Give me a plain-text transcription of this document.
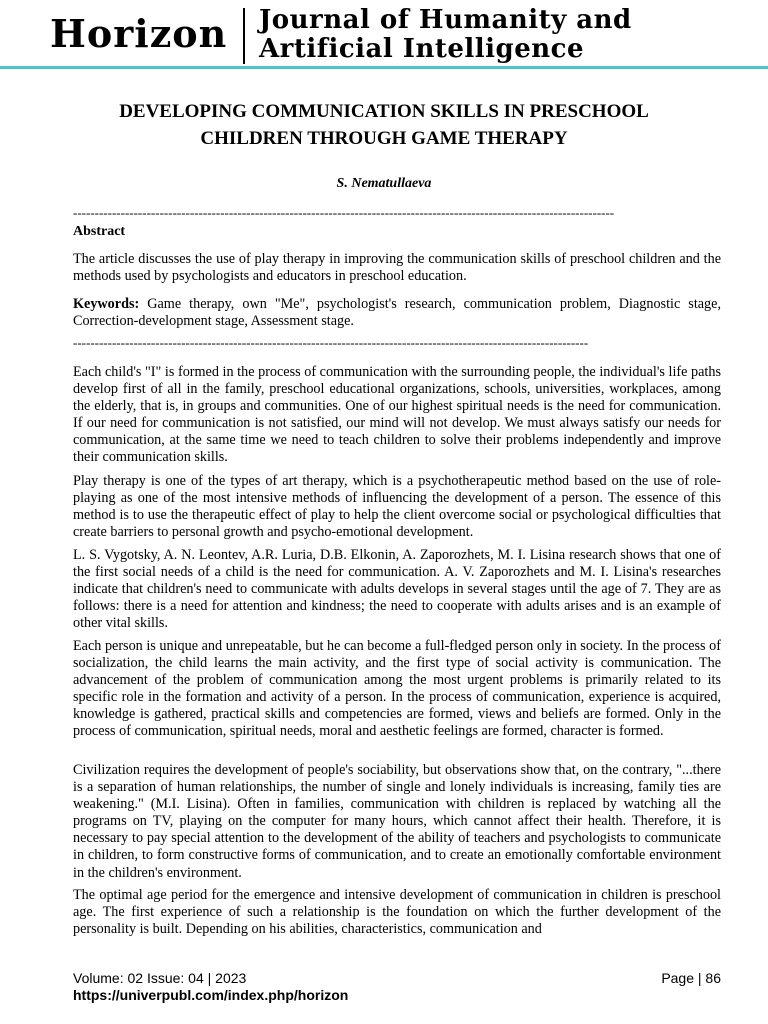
Horizon Journal of Humanity and
Artificial Intelligence
DEVELOPING COMMUNICATION SKILLS IN PRESCHOOL
CHILDREN THROUGH GAME THERAPY
S. Nematullaeva
-----------------------------------------------------------------------------------------------------------------------------
Abstract

The article discusses the use of play therapy in improving the communication skills of preschool children and the methods used by psychologists and educators in preschool education.

Keywords: Game therapy, own "Me", psychologist's research, communication problem, Diagnostic stage, Correction-development stage, Assessment stage.

-----------------------------------------------------------------------------------------------------------------------

Each child's "I" is formed in the process of communication with the surrounding people, the individual's life paths develop first of all in the family, preschool educational organizations, schools, universities, workplaces, among the elderly, that is, in groups and communities. One of our highest spiritual needs is the need for communication. If our need for communication is not satisfied, our mind will not develop. We must always satisfy our needs for communication, at the same time we need to teach children to solve their problems independently and improve their communication skills.

Play therapy is one of the types of art therapy, which is a psychotherapeutic method based on the use of role-playing as one of the most intensive methods of influencing the development of a person. The essence of this method is to use the therapeutic effect of play to help the client overcome social or psychological difficulties that create barriers to personal growth and psycho-emotional development.

L. S. Vygotsky, A. N. Leontev, A.R. Luria, D.B. Elkonin, A. Zaporozhets, M. I. Lisina research shows that one of the first social needs of a child is the need for communication. A. V. Zaporozhets and M. I. Lisina's researches indicate that children's need to communicate with adults develops in several stages until the age of 7. They are as follows: there is a need for attention and kindness; the need to cooperate with adults arises and is an example of other vital skills.

Each person is unique and unrepeatable, but he can become a full-fledged person only in society. In the process of socialization, the child learns the main activity, and the first type of social activity is communication. The advancement of the problem of communication among the most urgent problems is primarily related to its specific role in the formation and activity of a person. In the process of communication, experience is acquired, knowledge is gathered, practical skills and competencies are formed, views and beliefs are formed. Only in the process of communication, spiritual needs, moral and aesthetic feelings are formed, character is formed.

Civilization requires the development of people's sociability, but observations show that, on the contrary, "...there is a separation of human relationships, the number of single and lonely individuals is increasing, family ties are weakening." (M.I. Lisina). Often in families, communication with children is replaced by watching all the programs on TV, playing on the computer for many hours, which cannot affect their health. Therefore, it is necessary to pay special attention to the development of the ability of teachers and psychologists to communicate in children, to form constructive forms of communication, and to create an emotionally comfortable environment in the children's environment.

The optimal age period for the emergence and intensive development of communication in children is preschool age. The first experience of such a relationship is the foundation on which the further development of the personality is built. Depending on his abilities, characteristics, communication and

Volume: 02 Issue: 04 | 2023
https://univerpubl.com/index.php/horizon
Page | 86
